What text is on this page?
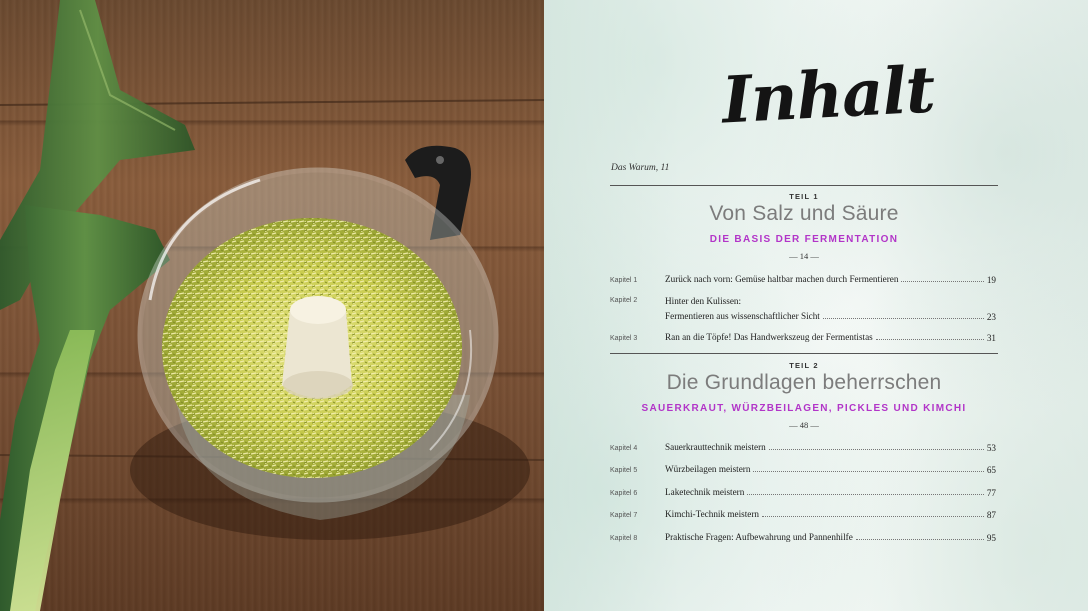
Inhalt
Das Warum, 11
TEIL 1
Von Salz und Säure
DIE BASIS DER FERMENTATION
— 14 —
Kapitel 1	Zurück nach vorn: Gemüse haltbar machen durch Fermentieren	19
Kapitel 2	Hinter den Kulissen:
Fermentieren aus wissenschaftlicher Sicht	23
Kapitel 3	Ran an die Töpfe! Das Handwerkszeug der Fermentistas	31
TEIL 2
Die Grundlagen beherrschen
SAUERKRAUT, WÜRZBEILAGEN, PICKLES UND KIMCHI
— 48 —
Kapitel 4	Sauerkrauttechnik meistern	53
Kapitel 5	Würzbeilagen meistern	65
Kapitel 6	Laketechnik meistern	77
Kapitel 7	Kimchi-Technik meistern	87
Kapitel 8	Praktische Fragen: Aufbewahrung und Pannenhilfe	95
